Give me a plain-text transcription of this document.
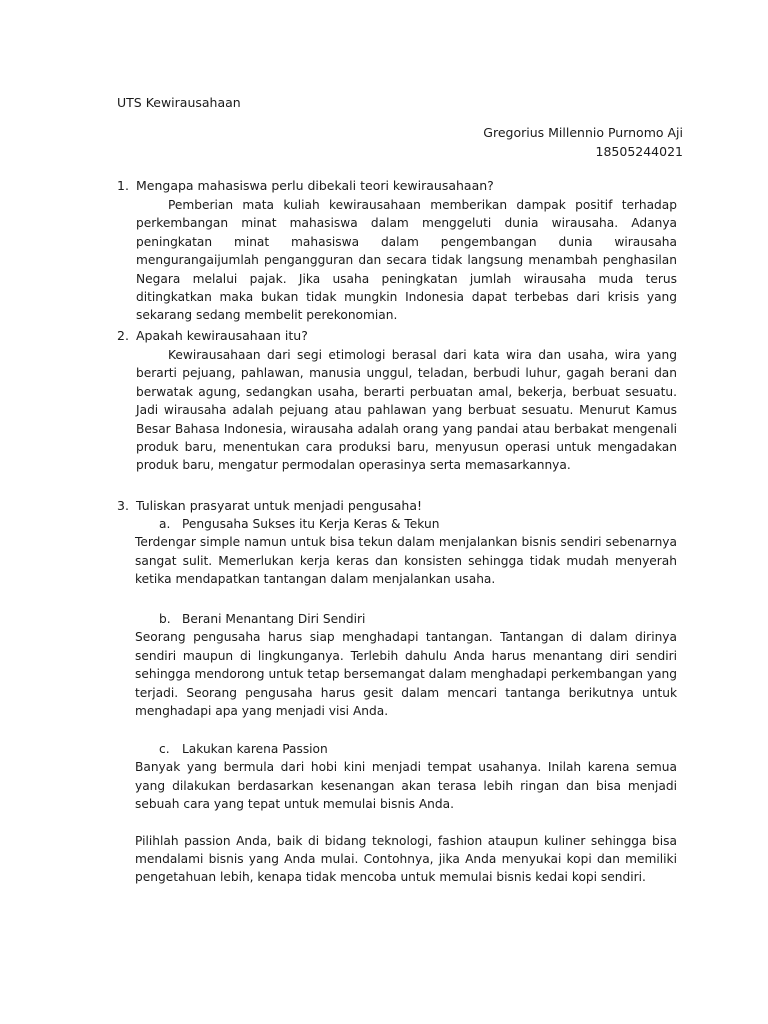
UTS Kewirausahaan
Gregorius Millennio Purnomo Aji
18505244021
1. Mengapa mahasiswa perlu dibekali teori kewirausahaan?

Pemberian mata kuliah kewirausahaan memberikan dampak positif terhadap perkembangan minat mahasiswa dalam menggeluti dunia wirausaha. Adanya peningkatan minat mahasiswa dalam pengembangan dunia wirausaha mengurangaijumlah pengangguran dan secara tidak langsung menambah penghasilan Negara melalui pajak. Jika usaha peningkatan jumlah wirausaha muda terus ditingkatkan maka bukan tidak mungkin Indonesia dapat terbebas dari krisis yang sekarang sedang membelit perekonomian.

2. Apakah kewirausahaan itu?

Kewirausahaan dari segi etimologi berasal dari kata wira dan usaha, wira yang berarti pejuang, pahlawan, manusia unggul, teladan, berbudi luhur, gagah berani dan berwatak agung, sedangkan usaha, berarti perbuatan amal, bekerja, berbuat sesuatu. Jadi wirausaha adalah pejuang atau pahlawan yang berbuat sesuatu. Menurut Kamus Besar Bahasa Indonesia, wirausaha adalah orang yang pandai atau berbakat mengenali produk baru, menentukan cara produksi baru, menyusun operasi untuk mengadakan produk baru, mengatur permodalan operasinya serta memasarkannya.

3. Tuliskan prasyarat untuk menjadi pengusaha!
a. Pengusaha Sukses itu Kerja Keras & Tekun

Terdengar simple namun untuk bisa tekun dalam menjalankan bisnis sendiri sebenarnya sangat sulit. Memerlukan kerja keras dan konsisten sehingga tidak mudah menyerah ketika mendapatkan tantangan dalam menjalankan usaha.

b. Berani Menantang Diri Sendiri

Seorang pengusaha harus siap menghadapi tantangan. Tantangan di dalam dirinya sendiri maupun di lingkunganya. Terlebih dahulu Anda harus menantang diri sendiri sehingga mendorong untuk tetap bersemangat dalam menghadapi perkembangan yang terjadi. Seorang pengusaha harus gesit dalam mencari tantanga berikutnya untuk menghadapi apa yang menjadi visi Anda.

c.	Lakukan karena Passion

Banyak yang bermula dari hobi kini menjadi tempat usahanya. Inilah karena semua yang dilakukan berdasarkan kesenangan akan terasa lebih ringan dan bisa menjadi sebuah cara yang tepat untuk memulai bisnis Anda.

Pilihlah passion Anda, baik di bidang teknologi, fashion ataupun kuliner sehingga bisa mendalami bisnis yang Anda mulai. Contohnya, jika Anda menyukai kopi dan memiliki pengetahuan lebih, kenapa tidak mencoba untuk memulai bisnis kedai kopi sendiri.
